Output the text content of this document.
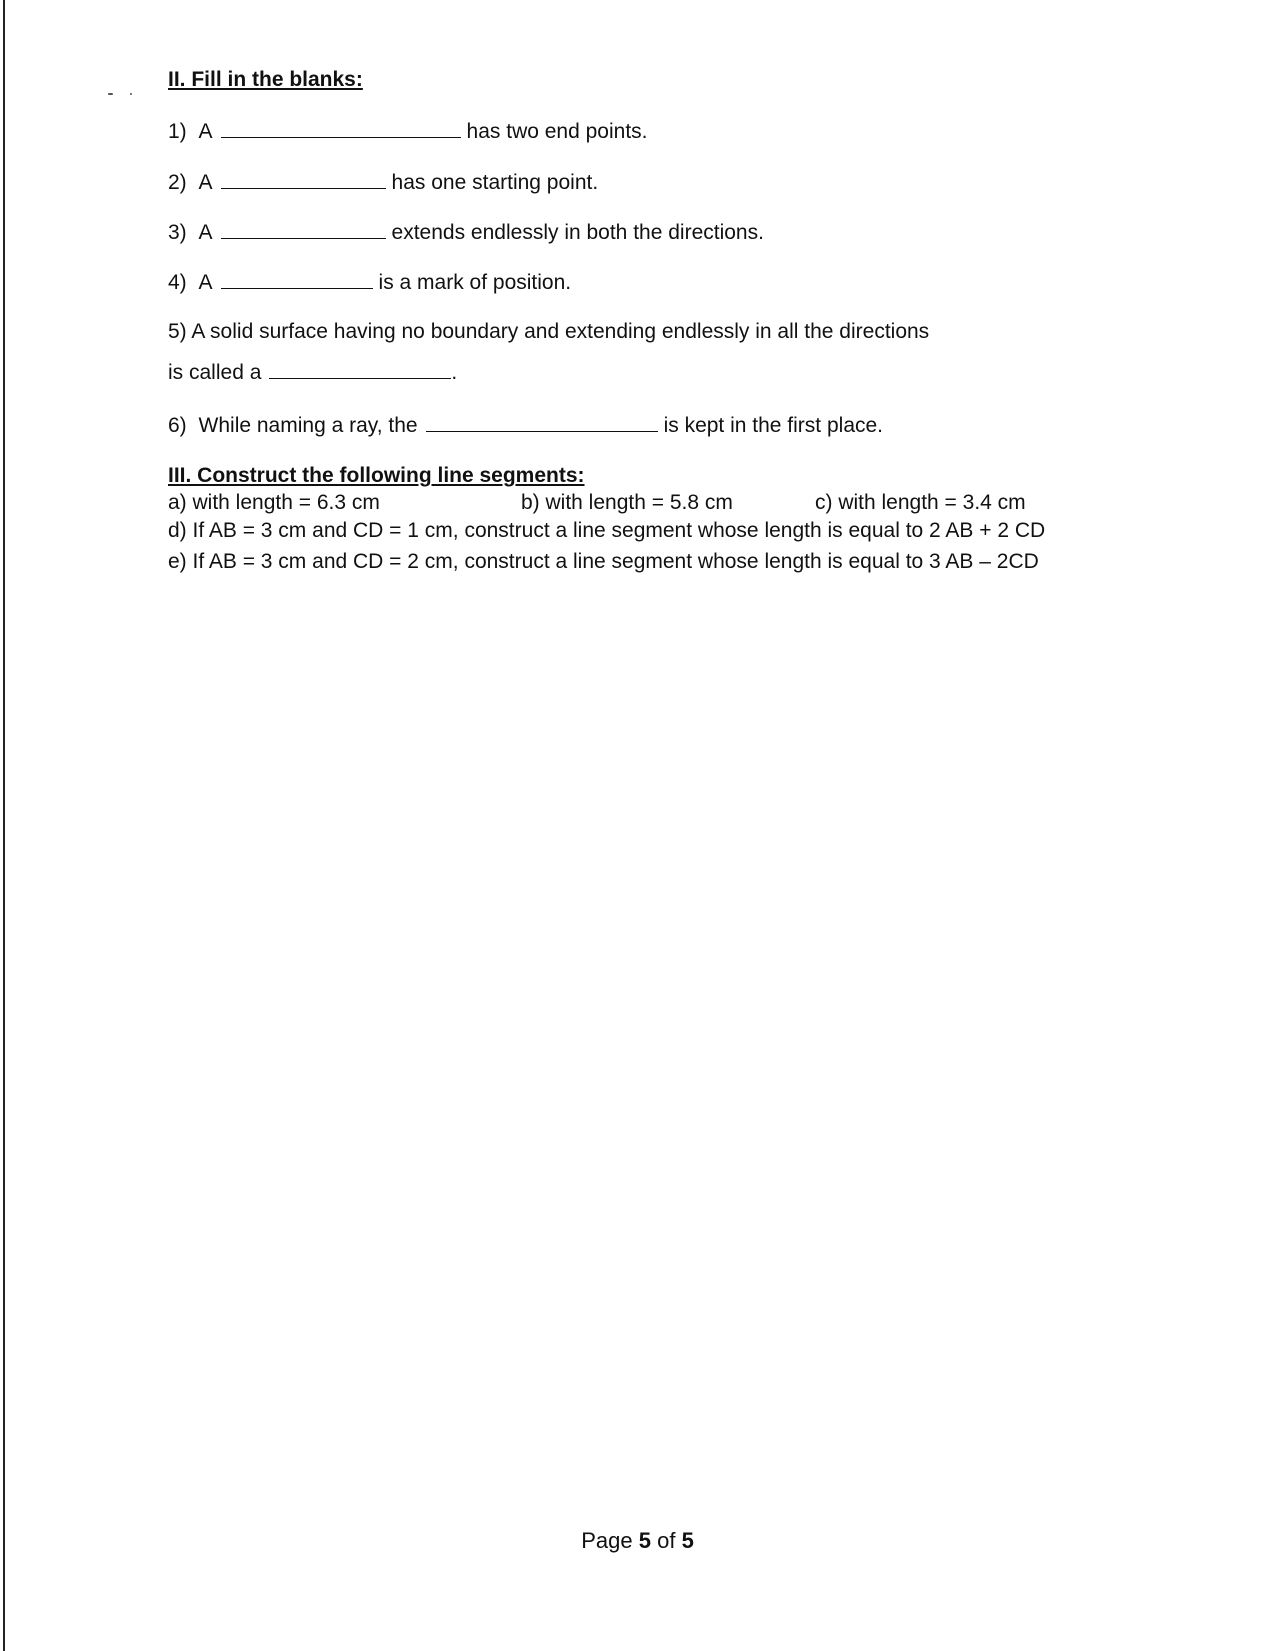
II. Fill in the blanks:
1) A	has two end points.
2) A	has one starting point.
3) A	extends endlessly in both the directions.
4) A	is a mark of position.
5) A solid surface having no boundary and extending endlessly in all the directions
is called a	.
6) While naming a ray, the	is kept in the first place.
III. Construct the following line segments:
a) with length = 6.3 cm	b) with length = 5.8 cm	c) with length = 3.4 cm
d) If AB = 3 cm and CD = 1 cm, construct a line segment whose length is equal to 2 AB + 2 CD
e) If AB = 3 cm and CD = 2 cm, construct a line segment whose length is equal to 3 AB – 2CD
Page 5 of 5
